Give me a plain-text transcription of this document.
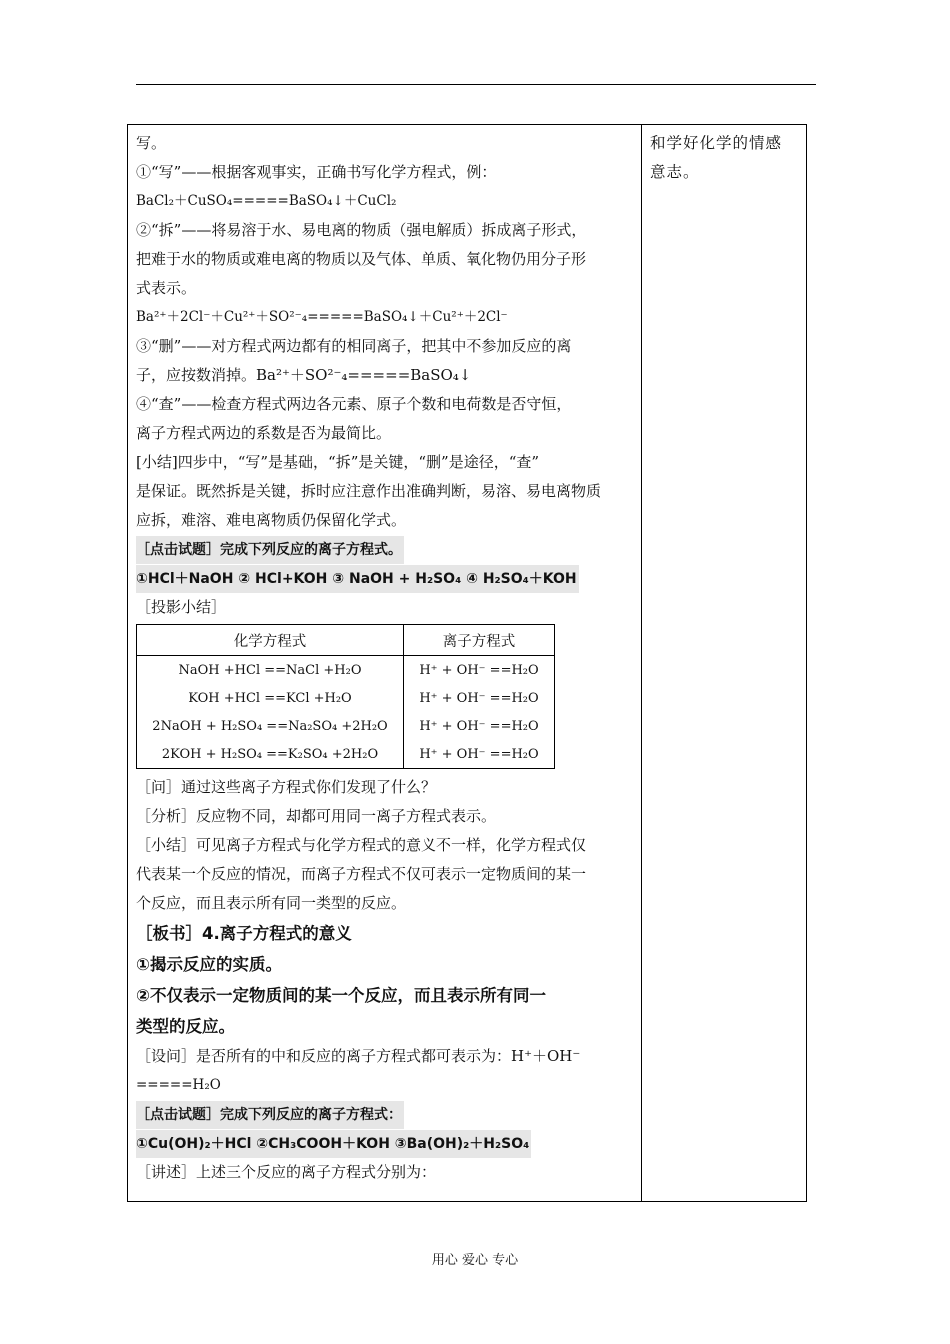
写。
①“写”——根据客观事实，正确书写化学方程式，例：
BaCl₂＋CuSO₄=====BaSO₄↓＋CuCl₂
②“拆”——将易溶于水、易电离的物质（强电解质）拆成离子形式，
把难于水的物质或难电离的物质以及气体、单质、氧化物仍用分子形
式表示。
Ba²⁺＋2Cl⁻＋Cu²⁺＋SO²⁻₄=====BaSO₄↓＋Cu²⁺＋2Cl⁻
③“删”——对方程式两边都有的相同离子，把其中不参加反应的离
子，应按数消掉。Ba²⁺＋SO²⁻₄=====BaSO₄↓
④“查”——检查方程式两边各元素、原子个数和电荷数是否守恒，
离子方程式两边的系数是否为最简比。
[小结]四步中，“写”是基础，“拆”是关键，“删”是途径，“查”
是保证。既然拆是关键，拆时应注意作出准确判断，易溶、易电离物质
应拆，难溶、难电离物质仍保留化学式。
［点击试题］完成下列反应的离子方程式。
①HCl＋NaOH ② HCl+KOH ③ NaOH + H₂SO₄ ④ H₂SO₄＋KOH
［投影小结］
化学方程式	离子方程式
NaOH +HCl ==NaCl +H₂O	H⁺ + OH⁻ ==H₂O
KOH +HCl ==KCl +H₂O	H⁺ + OH⁻ ==H₂O
2NaOH + H₂SO₄ ==Na₂SO₄ +2H₂O	H⁺ + OH⁻ ==H₂O
2KOH + H₂SO₄ ==K₂SO₄ +2H₂O	H⁺ + OH⁻ ==H₂O
［问］通过这些离子方程式你们发现了什么？
［分析］反应物不同，却都可用同一离子方程式表示。
［小结］可见离子方程式与化学方程式的意义不一样，化学方程式仅
代表某一个反应的情况，而离子方程式不仅可表示一定物质间的某一
个反应，而且表示所有同一类型的反应。
［板书］4.离子方程式的意义
①揭示反应的实质。
②不仅表示一定物质间的某一个反应，而且表示所有同一
类型的反应。
［设问］是否所有的中和反应的离子方程式都可表示为：H⁺＋OH⁻
=====H₂O
［点击试题］完成下列反应的离子方程式：
①Cu(OH)₂＋HCl ②CH₃COOH＋KOH ③Ba(OH)₂＋H₂SO₄
［讲述］上述三个反应的离子方程式分别为：
和学好化学的情感
意志。
用心 爱心 专心
